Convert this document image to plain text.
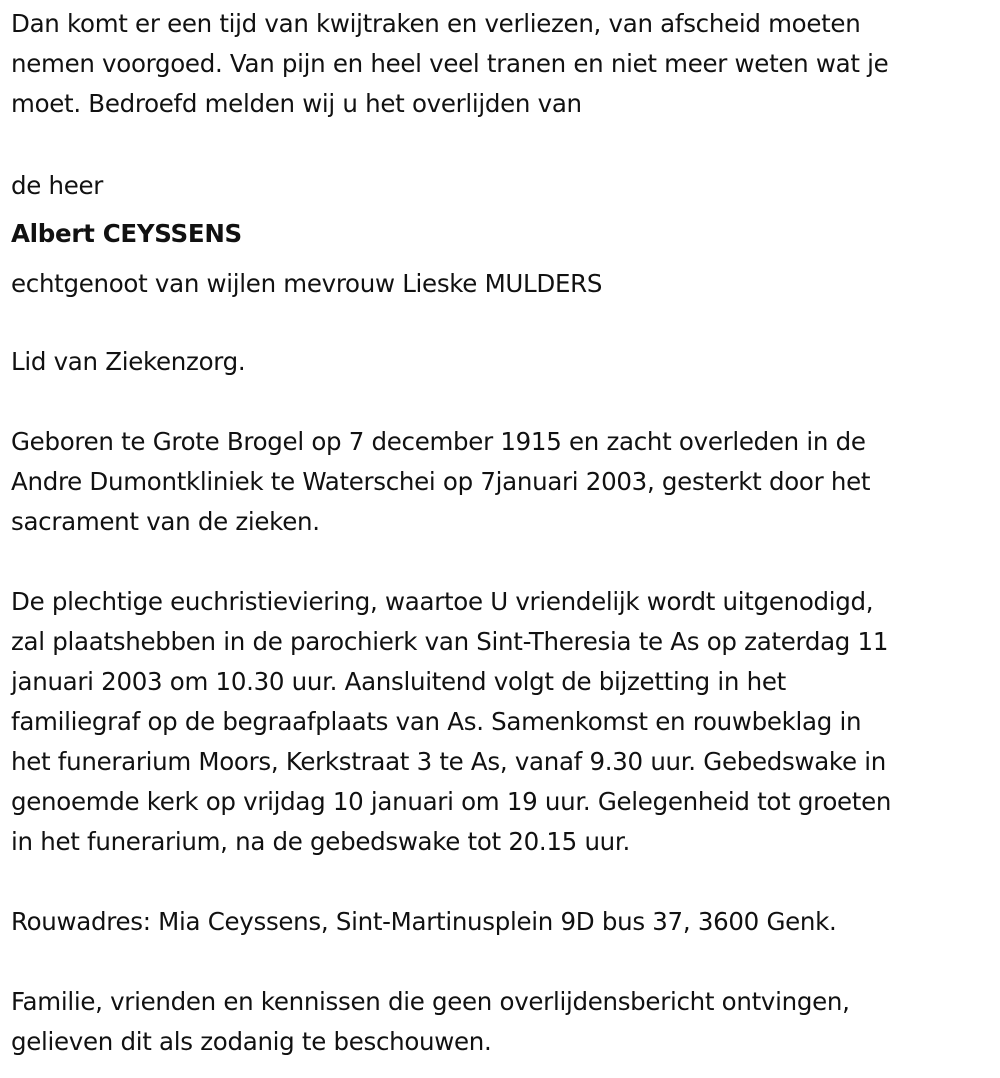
Dan komt er een tijd van kwijtraken en verliezen, van afscheid moeten
nemen voorgoed. Van pijn en heel veel tranen en niet meer weten wat je
moet. Bedroefd melden wij u het overlijden van

de heer

Albert CEYSSENS

echtgenoot van wijlen mevrouw Lieske MULDERS

Lid van Ziekenzorg.

Geboren te Grote Brogel op 7 december 1915 en zacht overleden in de
Andre Dumontkliniek te Waterschei op 7januari 2003, gesterkt door het
sacrament van de zieken.

De plechtige euchristieviering, waartoe U vriendelijk wordt uitgenodigd,
zal plaatshebben in de parochierk van Sint-Theresia te As op zaterdag 11
januari 2003 om 10.30 uur. Aansluitend volgt de bijzetting in het
familiegraf op de begraafplaats van As. Samenkomst en rouwbeklag in
het funerarium Moors, Kerkstraat 3 te As, vanaf 9.30 uur. Gebedswake in
genoemde kerk op vrijdag 10 januari om 19 uur. Gelegenheid tot groeten
in het funerarium, na de gebedswake tot 20.15 uur.

Rouwadres: Mia Ceyssens, Sint-Martinusplein 9D bus 37, 3600 Genk.

Familie, vrienden en kennissen die geen overlijdensbericht ontvingen,
gelieven dit als zodanig te beschouwen.
